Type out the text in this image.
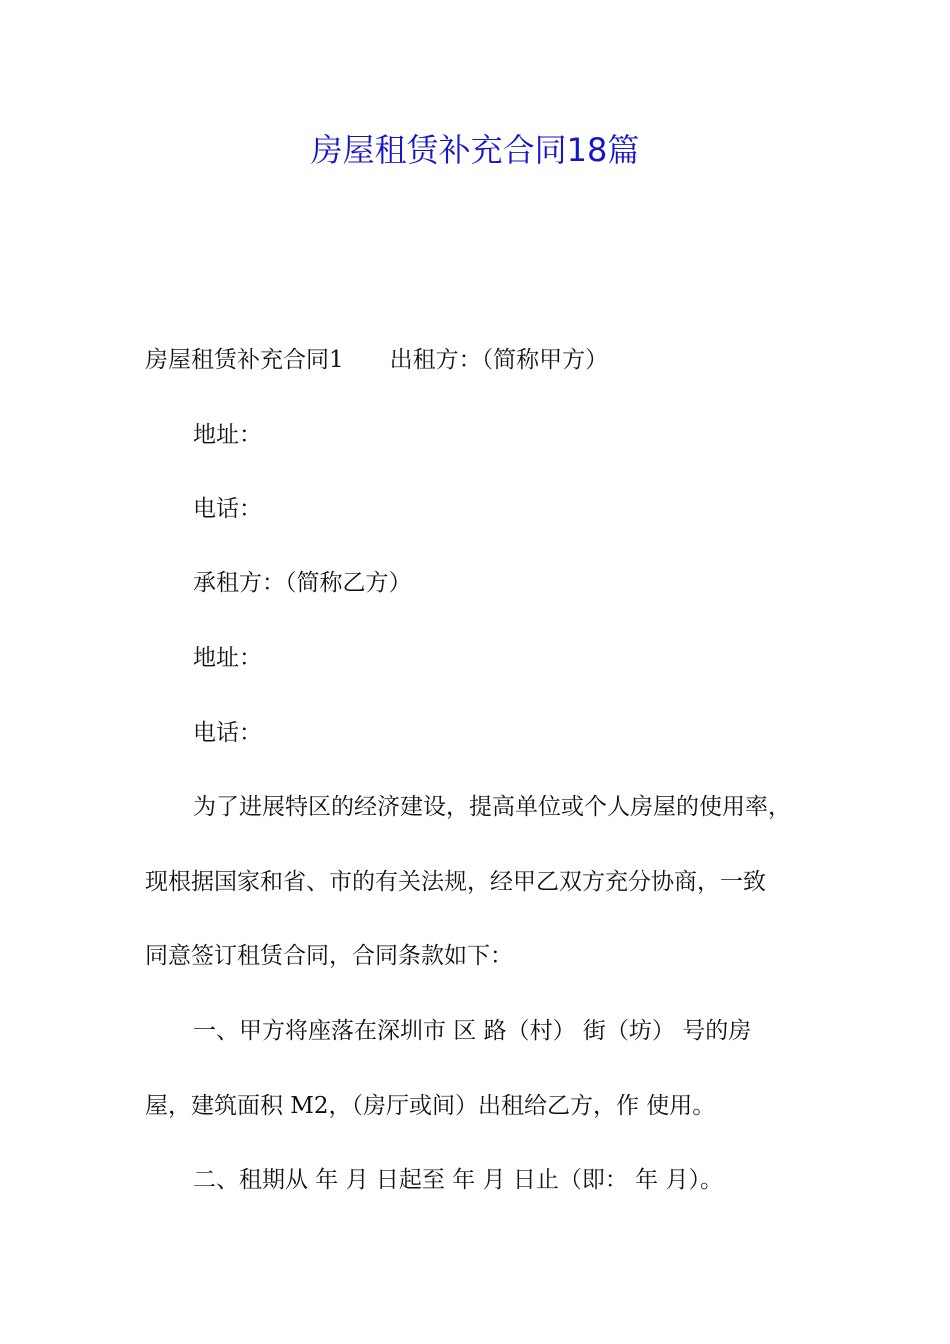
房屋租赁补充合同18篇

房屋租赁补充合同1　　出租方：（简称甲方）

地址：

电话：

承租方：（简称乙方）

地址：

电话：

为了进展特区的经济建设，提高单位或个人房屋的使用率，

现根据国家和省、市的有关法规，经甲乙双方充分协商，一致

同意签订租赁合同，合同条款如下：

一、甲方将座落在深圳市 区 路（村） 街（坊） 号的房

屋，建筑面积 M2，（房厅或间）出租给乙方，作 使用。

二、租期从 年 月 日起至 年 月 日止（即： 年 月）。
